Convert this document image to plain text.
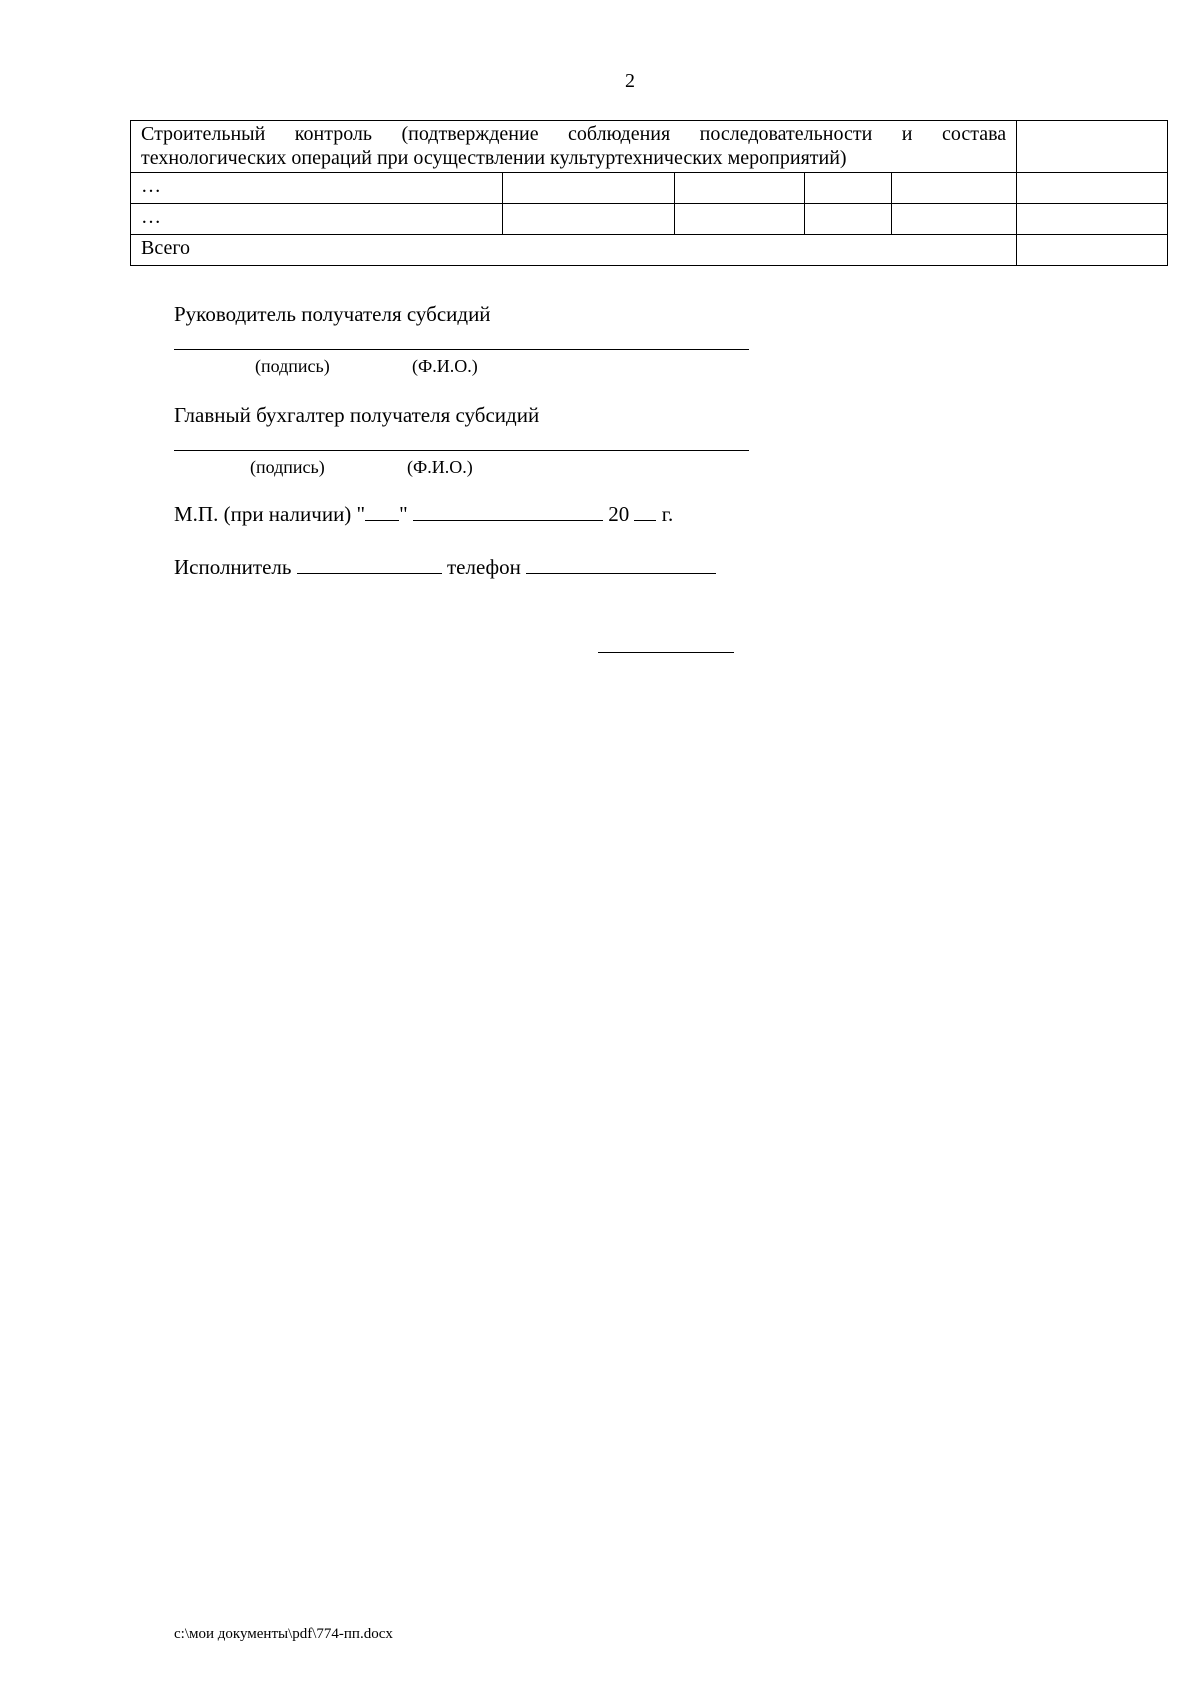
2
Строительный контроль (подтверждение соблюдения последовательности и состава технологических операций при осуществлении культуртехнических мероприятий)					
…					
…					
Всего					
Руководитель получателя субсидий
(подпись)	(Ф.И.О.)
Главный бухгалтер получателя субсидий
(подпись)	(Ф.И.О.)
М.П. (при наличии) " "	20 г.
Исполнитель	телефон
c:\мои документы\pdf\774-пп.docx
